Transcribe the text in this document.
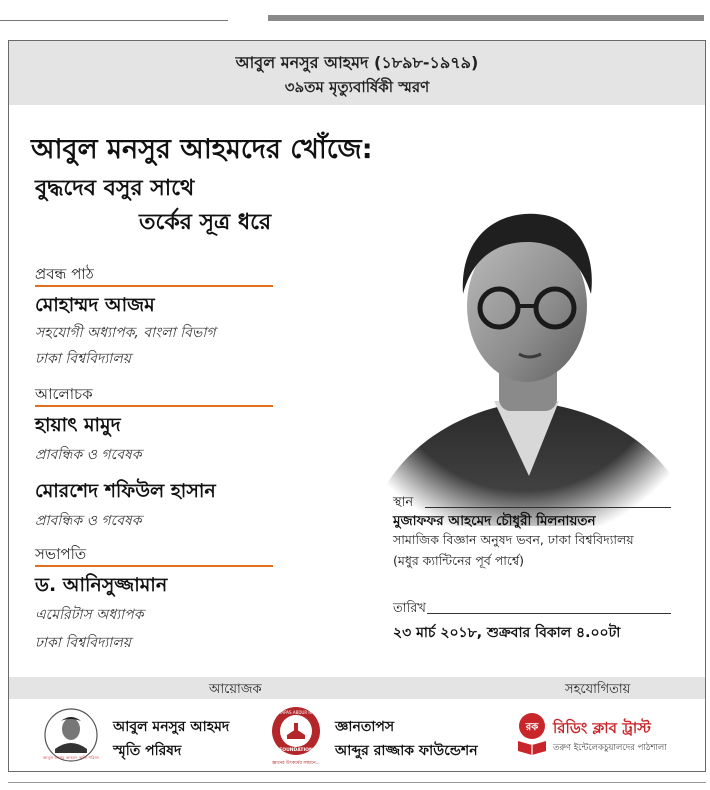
আবুল মনসুর আহমদ (১৮৯৮-১৯৭৯)
৩৯তম মৃত্যুবার্ষিকী স্মরণ
আবুল মনসুর আহমদের খোঁজে:
বুদ্ধদেব বসুর সাথে
তর্কের সূত্র ধরে
প্রবন্ধ পাঠ
মোহাম্মদ আজম
সহযোগী অধ্যাপক, বাংলা বিভাগ
ঢাকা বিশ্ববিদ্যালয়
আলোচক
হায়াৎ মামুদ
প্রাবন্ধিক ও গবেষক
মোরশেদ শফিউল হাসান
প্রাবন্ধিক ও গবেষক
সভাপতি
ড. আনিসুজ্জামান
এমেরিটাস অধ্যাপক
ঢাকা বিশ্ববিদ্যালয়
স্থান
মুজাফফর আহমেদ চৌধুরী মিলনায়তন
সামাজিক বিজ্ঞান অনুষদ ভবন, ঢাকা বিশ্ববিদ্যালয়
(মধুর ক্যান্টিনের পূর্ব পার্শ্বে)
তারিখ
২৩ মার্চ ২০১৮, শুক্রবার বিকাল ৪.০০টা
আয়োজক	সহযোগিতায়
আবুল মনসুর আহমদ স্মৃতি পরিষদ
আবুল মনসুর আহমদ
স্মৃতি পরিষদ
JNANATAPAS ABDUR RAZZAQ
FOUNDATION
জ্ঞানের উৎকর্ষের সন্ধানে...
জ্ঞানতাপস
আব্দুর রাজ্জাক ফাউন্ডেশন
রক রিডিং ক্লাব ট্রাস্ট
তরুণ ইন্টেলেকচুয়ালদের পাঠশালা
